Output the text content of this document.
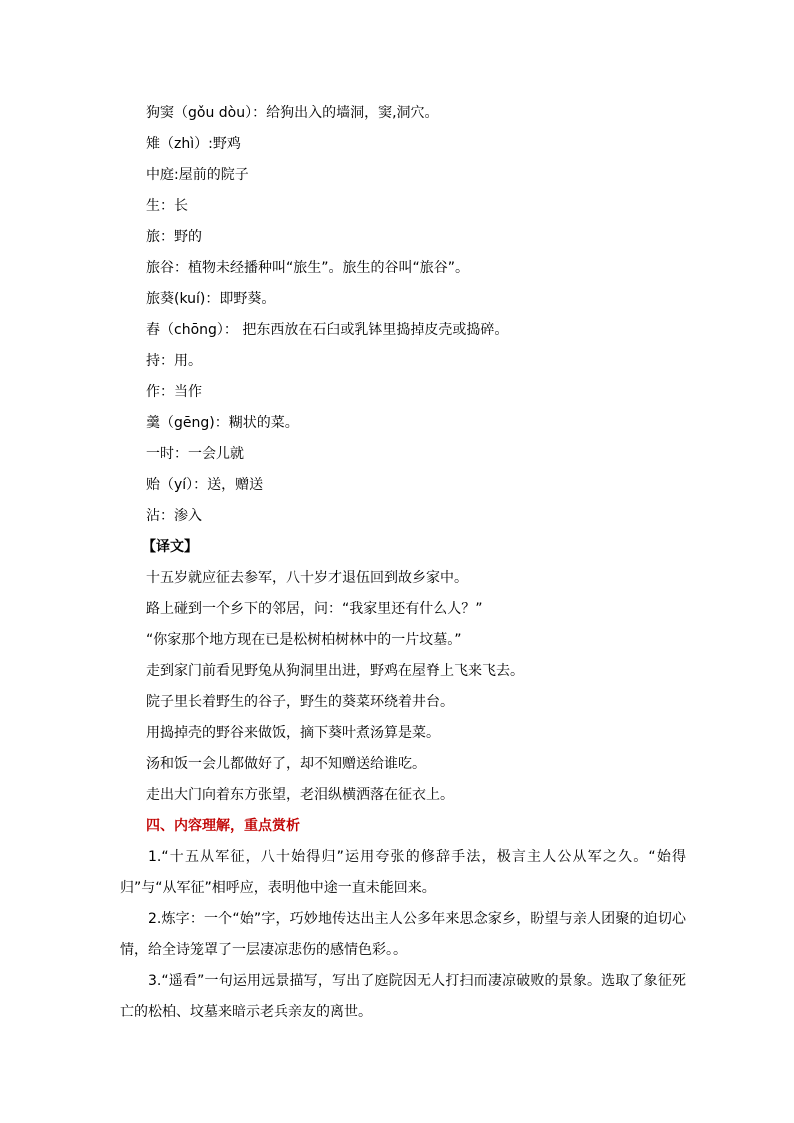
狗窦（gǒu dòu）：给狗出入的墙洞，窦,洞穴。
雉（zhì）:野鸡
中庭:屋前的院子
生：长
旅：野的
旅谷：植物未经播种叫“旅生”。旅生的谷叫“旅谷”。
旅葵(kuí)：即野葵。
舂（chōng）： 把东西放在石臼或乳钵里捣掉皮壳或捣碎。
持：用。
作：当作
羹（gēng)：糊状的菜。
一时：一会儿就
贻（yí）：送，赠送
沾：渗入
【译文】
十五岁就应征去参军，八十岁才退伍回到故乡家中。
路上碰到一个乡下的邻居，问：“我家里还有什么人？”
“你家那个地方现在已是松树柏树林中的一片坟墓。”
走到家门前看见野兔从狗洞里出进，野鸡在屋脊上飞来飞去。
院子里长着野生的谷子，野生的葵菜环绕着井台。
用捣掉壳的野谷来做饭，摘下葵叶煮汤算是菜。
汤和饭一会儿都做好了，却不知赠送给谁吃。
走出大门向着东方张望，老泪纵横洒落在征衣上。
四、内容理解，重点赏析
1.“十五从军征，八十始得归”运用夸张的修辞手法，极言主人公从军之久。“始得归”与“从军征”相呼应，表明他中途一直未能回来。
2.炼字：一个“始”字，巧妙地传达出主人公多年来思念家乡，盼望与亲人团聚的迫切心情，给全诗笼罩了一层凄凉悲伤的感情色彩。。
3.“遥看”一句运用远景描写，写出了庭院因无人打扫而凄凉破败的景象。选取了象征死亡的松柏、坟墓来暗示老兵亲友的离世。
